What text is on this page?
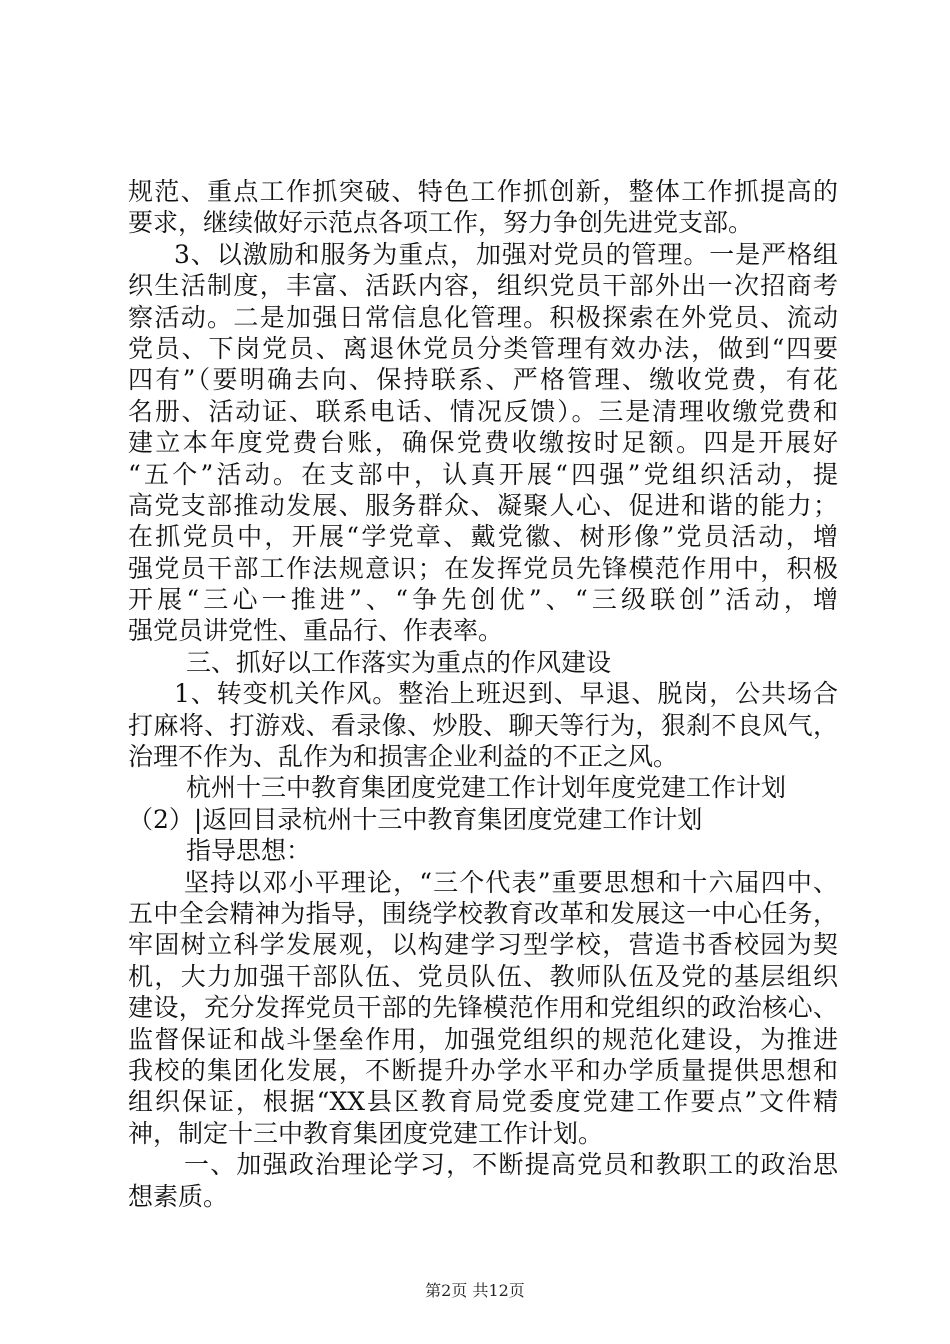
规范、重点工作抓突破、特色工作抓创新，整体工作抓提高的
要求，继续做好示范点各项工作，努力争创先进党支部。
3、以激励和服务为重点，加强对党员的管理。一是严格组
织生活制度，丰富、活跃内容，组织党员干部外出一次招商考
察活动。二是加强日常信息化管理。积极探索在外党员、流动
党员、下岗党员、离退休党员分类管理有效办法，做到“四要
四有”（要明确去向、保持联系、严格管理、缴收党费，有花
名册、活动证、联系电话、情况反馈）。三是清理收缴党费和
建立本年度党费台账，确保党费收缴按时足额。四是开展好
“五个”活动。在支部中，认真开展“四强”党组织活动，提
高党支部推动发展、服务群众、凝聚人心、促进和谐的能力；
在抓党员中，开展“学党章、戴党徽、树形像”党员活动，增
强党员干部工作法规意识；在发挥党员先锋模范作用中，积极
开展“三心一推进”、“争先创优”、“三级联创”活动，增
强党员讲党性、重品行、作表率。
三、抓好以工作落实为重点的作风建设
1、转变机关作风。整治上班迟到、早退、脱岗，公共场合
打麻将、打游戏、看录像、炒股、聊天等行为，狠刹不良风气，
治理不作为、乱作为和损害企业利益的不正之风。
杭州十三中教育集团度党建工作计划年度党建工作计划
（2）|返回目录杭州十三中教育集团度党建工作计划
指导思想：
坚持以邓小平理论，“三个代表”重要思想和十六届四中、
五中全会精神为指导，围绕学校教育改革和发展这一中心任务，
牢固树立科学发展观，以构建学习型学校，营造书香校园为契
机，大力加强干部队伍、党员队伍、教师队伍及党的基层组织
建设，充分发挥党员干部的先锋模范作用和党组织的政治核心、
监督保证和战斗堡垒作用，加强党组织的规范化建设，为推进
我校的集团化发展，不断提升办学水平和办学质量提供思想和
组织保证，根据“XX县区教育局党委度党建工作要点”文件精
神，制定十三中教育集团度党建工作计划。
一、加强政治理论学习，不断提高党员和教职工的政治思
想素质。
第2页 共12页
